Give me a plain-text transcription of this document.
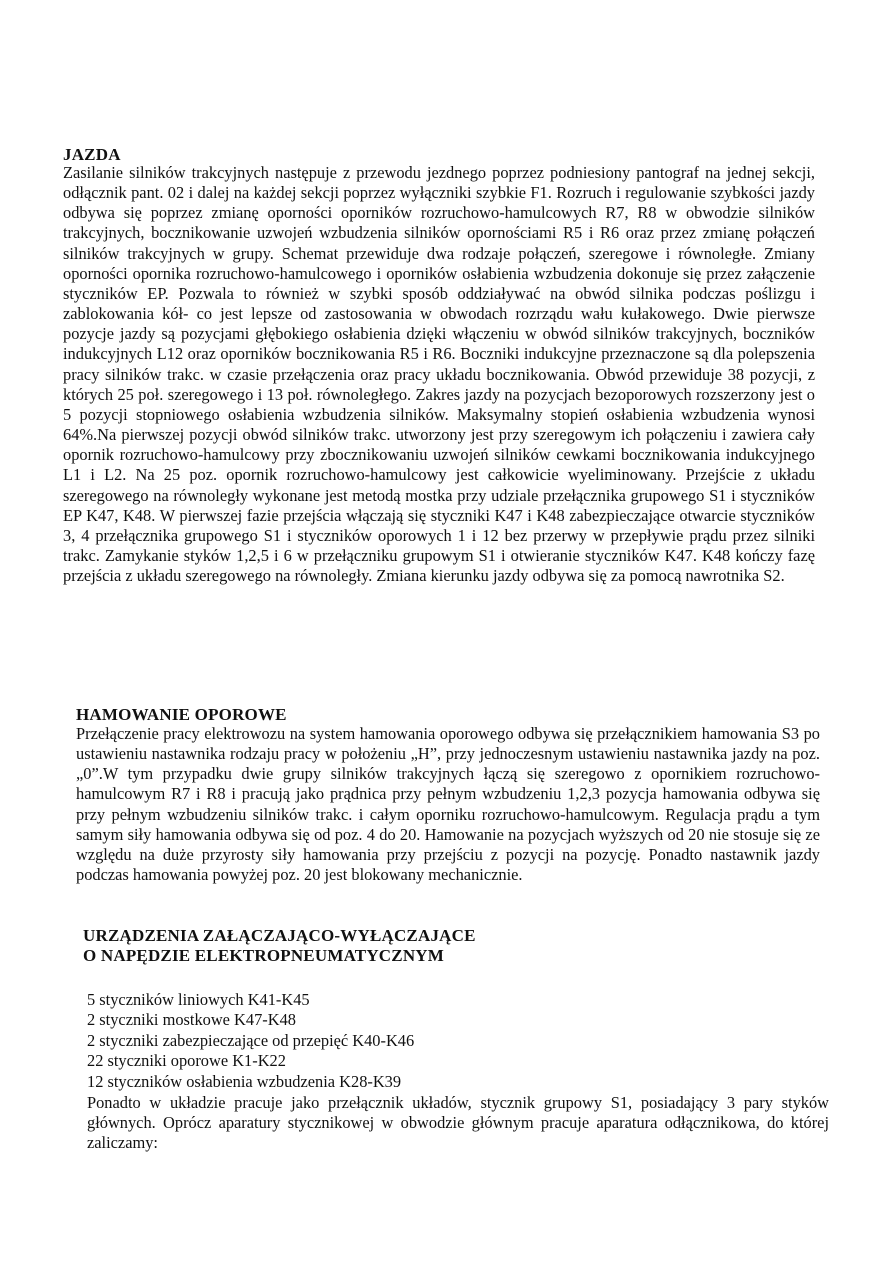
JAZDA

Zasilanie silników trakcyjnych następuje z przewodu jezdnego poprzez podniesiony pantograf na jednej sekcji, odłącznik pant. 02 i dalej na każdej sekcji poprzez wyłączniki szybkie F1. Rozruch i regulowanie szybkości jazdy odbywa się poprzez zmianę oporności oporników rozruchowo-hamulcowych R7, R8 w obwodzie silników trakcyjnych, bocznikowanie uzwojeń wzbudzenia silników opornościami R5 i R6 oraz przez zmianę połączeń silników trakcyjnych w grupy. Schemat przewiduje dwa rodzaje połączeń, szeregowe i równoległe. Zmiany oporności opornika rozruchowo-hamulcowego i oporników osłabienia wzbudzenia dokonuje się przez załączenie styczników EP. Pozwala to również w szybki sposób oddziaływać na obwód silnika podczas poślizgu i zablokowania kół- co jest lepsze od zastosowania w obwodach rozrządu wału kułakowego. Dwie pierwsze pozycje jazdy są pozycjami głębokiego osłabienia dzięki włączeniu w obwód silników trakcyjnych, boczników indukcyjnych L12 oraz oporników bocznikowania R5 i R6. Boczniki indukcyjne przeznaczone są dla polepszenia pracy silników trakc. w czasie przełączenia oraz pracy układu bocznikowania. Obwód przewiduje 38 pozycji, z których 25 poł. szeregowego i 13 poł. równoległego. Zakres jazdy na pozycjach bezoporowych rozszerzony jest o 5 pozycji stopniowego osłabienia wzbudzenia silników. Maksymalny stopień osłabienia wzbudzenia wynosi 64%.Na pierwszej pozycji obwód silników trakc. utworzony jest przy szeregowym ich połączeniu i zawiera cały opornik rozruchowo-hamulcowy przy zbocznikowaniu uzwojeń silników cewkami bocznikowania indukcyjnego L1 i L2. Na 25 poz. opornik rozruchowo-hamulcowy jest całkowicie wyeliminowany. Przejście z układu szeregowego na równoległy wykonane jest metodą mostka przy udziale przełącznika grupowego S1 i styczników EP K47, K48. W pierwszej fazie przejścia włączają się styczniki K47 i K48 zabezpieczające otwarcie styczników 3, 4 przełącznika grupowego S1 i styczników oporowych 1 i 12 bez przerwy w przepływie prądu przez silniki trakc. Zamykanie styków 1,2,5 i 6 w przełączniku grupowym S1 i otwieranie styczników K47. K48 kończy fazę przejścia z układu szeregowego na równoległy. Zmiana kierunku jazdy odbywa się za pomocą nawrotnika S2.

HAMOWANIE OPOROWE

Przełączenie pracy elektrowozu na system hamowania oporowego odbywa się przełącznikiem hamowania S3 po ustawieniu nastawnika rodzaju pracy w położeniu „H”, przy jednoczesnym ustawieniu nastawnika jazdy na poz. „0”.W tym przypadku dwie grupy silników trakcyjnych łączą się szeregowo z opornikiem rozruchowo-hamulcowym R7 i R8 i pracują jako prądnica przy pełnym wzbudzeniu 1,2,3 pozycja hamowania odbywa się przy pełnym wzbudzeniu silników trakc. i całym oporniku rozruchowo-hamulcowym. Regulacja prądu a tym samym siły hamowania odbywa się od poz. 4 do 20. Hamowanie na pozycjach wyższych od 20 nie stosuje się ze względu na duże przyrosty siły hamowania przy przejściu z pozycji na pozycję. Ponadto nastawnik jazdy podczas hamowania powyżej poz. 20 jest blokowany mechanicznie.

URZĄDZENIA ZAŁĄCZAJĄCO-WYŁĄCZAJĄCE
O NAPĘDZIE ELEKTROPNEUMATYCZNYM
5 styczników liniowych K41-K45
2 styczniki mostkowe K47-K48
2 styczniki zabezpieczające od przepięć K40-K46
22 styczniki oporowe K1-K22
12 styczników osłabienia wzbudzenia K28-K39

Ponadto w układzie pracuje jako przełącznik układów, stycznik grupowy S1, posiadający 3 pary styków głównych. Oprócz aparatury stycznikowej w obwodzie głównym pracuje aparatura odłącznikowa, do której zaliczamy:
